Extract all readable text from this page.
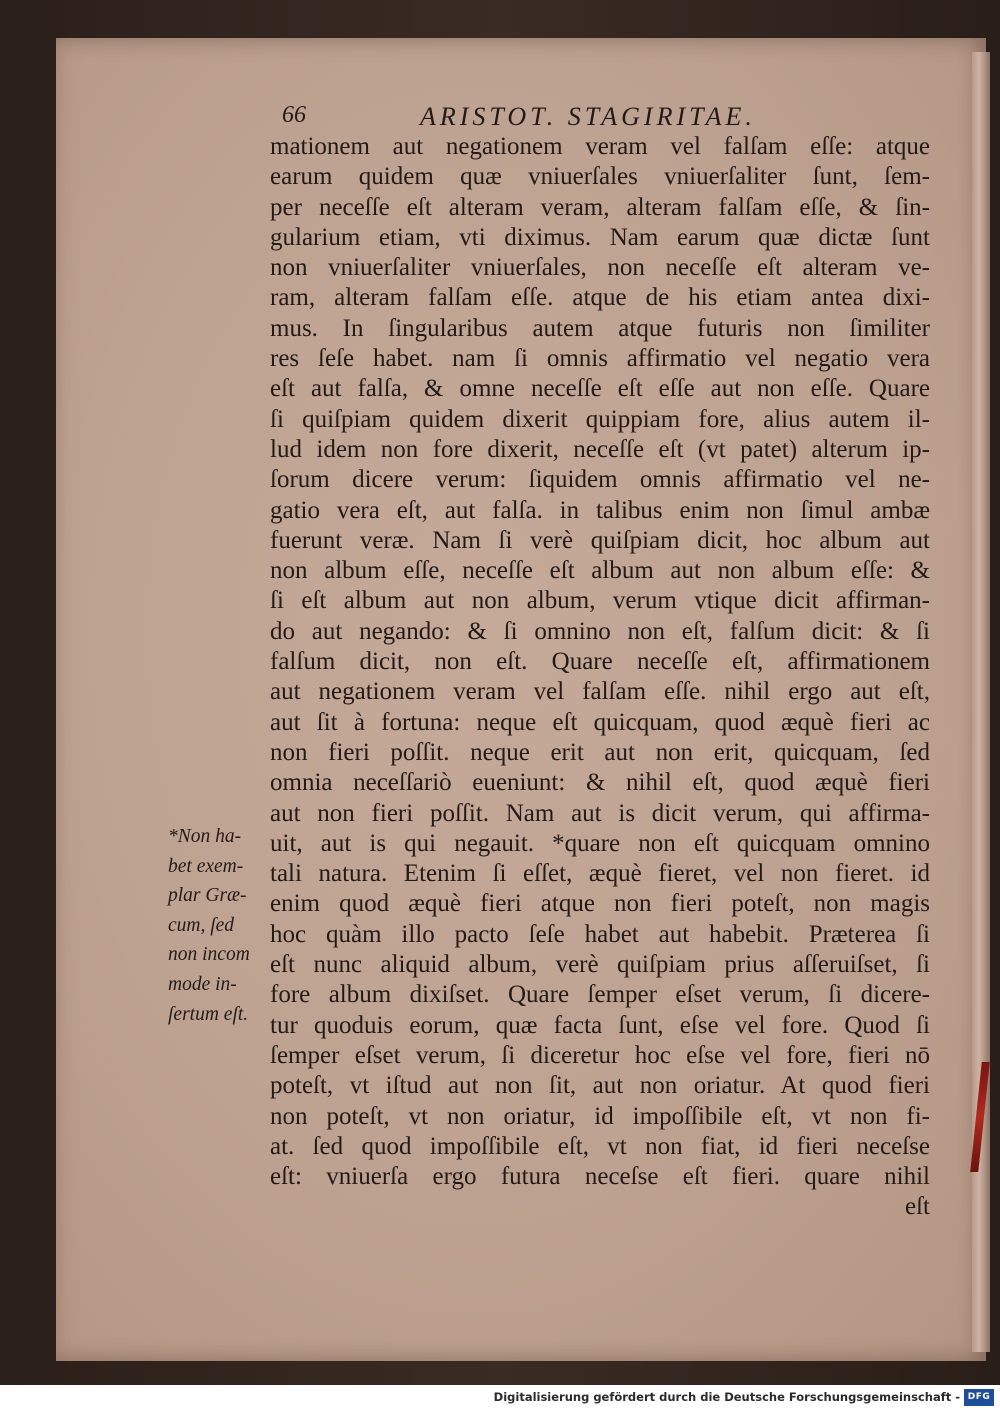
66	ARISTOT. STAGIRITAE.
mationem aut negationem veram vel falſam eſſe: atque
earum quidem quæ vniuerſales vniuerſaliter ſunt, ſem-
per neceſſe eſt alteram veram, alteram falſam eſſe, & ſin-
gularium etiam, vti diximus. Nam earum quæ dictæ ſunt
non vniuerſaliter vniuerſales, non neceſſe eſt alteram ve-
ram, alteram falſam eſſe. atque de his etiam antea dixi-
mus. In ſingularibus autem atque futuris non ſimiliter
res ſeſe habet. nam ſi omnis affirmatio vel negatio vera
eſt aut falſa, & omne neceſſe eſt eſſe aut non eſſe. Quare
ſi quiſpiam quidem dixerit quippiam fore, alius autem il-
lud idem non fore dixerit, neceſſe eſt (vt patet) alterum ip-
ſorum dicere verum: ſiquidem omnis affirmatio vel ne-
gatio vera eſt, aut falſa. in talibus enim non ſimul ambæ
fuerunt veræ. Nam ſi verè quiſpiam dicit, hoc album aut
non album eſſe, neceſſe eſt album aut non album eſſe: &
ſi eſt album aut non album, verum vtique dicit affirman-
do aut negando: & ſi omnino non eſt, falſum dicit: & ſi
falſum dicit, non eſt. Quare neceſſe eſt, affirmationem
aut negationem veram vel falſam eſſe. nihil ergo aut eſt,
aut ſit à fortuna: neque eſt quicquam, quod æquè fieri ac
non fieri poſſit. neque erit aut non erit, quicquam, ſed
omnia neceſſariò eueniunt: & nihil eſt, quod æquè fieri
aut non fieri poſſit. Nam aut is dicit verum, qui affirma-
uit, aut is qui negauit. *quare non eſt quicquam omnino
tali natura. Etenim ſi eſſet, æquè fieret, vel non fieret. id
enim quod æquè fieri atque non fieri poteſt, non magis
hoc quàm illo pacto ſeſe habet aut habebit. Præterea ſi
eſt nunc aliquid album, verè quiſpiam prius aſſeruiſset, ſi
fore album dixiſset. Quare ſemper eſset verum, ſi dicere-
tur quoduis eorum, quæ facta ſunt, eſse vel fore. Quod ſi
ſemper eſset verum, ſi diceretur hoc eſse vel fore, fieri nō
poteſt, vt iſtud aut non ſit, aut non oriatur. At quod fieri
non poteſt, vt non oriatur, id impoſſibile eſt, vt non fi-
at. ſed quod impoſſibile eſt, vt non fiat, id fieri neceſse
eſt: vniuerſa ergo futura neceſse eſt fieri. quare nihil
eſt
*Non ha-
bet exem-
plar Græ-
cum, ſed
non incom
mode in-
ſertum eſt.
Digitalisierung gefördert durch die Deutsche Forschungsgemeinschaft - DFG
